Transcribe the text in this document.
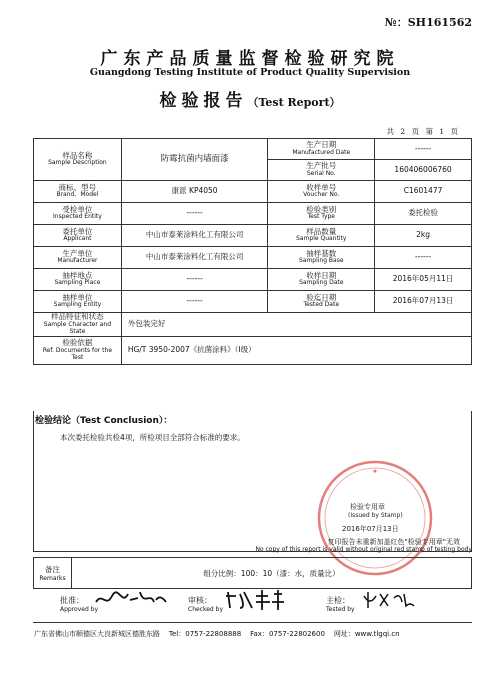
№：SH161562
广东产品质量监督检验研究院
Guangdong Testing Institute of Product Quality Supervision
检验报告（Test Report）
共 2 页 第 1 页
样品名称
Sample Description	防霉抗菌内墙面漆	生产日期
Manufactured Date	------

		生产批号
Serial No.	160406006760

商标、型号
Brand、Model	康派 KP4050	收样单号
Voucher No.	C1601477

受检单位
Inspected Entity	------	检验类别
Test Type	委托检验

委托单位
Applicant	中山市泰莱涂料化工有限公司	样品数量
Sample Quantity	2kg

生产单位
Manufacturer	中山市泰莱涂料化工有限公司	抽样基数
Sampling Base	------

抽样地点
Sampling Place	------	收样日期
Sampling Date	2016年05月11日

抽样单位
Sampling Entity	------	验迄日期
Tested Date	2016年07月13日

样品特征和状态
Sample Character and State	外包装完好		

检验依据
Ref. Documents for the Test	HG/T 3950-2007《抗菌涂料》（Ⅰ级）		
检验结论（Test Conclusion）：
本次委托检验共检4项，所检项目全部符合标准的要求。
✦
检验专用章
(Issued by Stamp)
2016年07月13日
复印报告未重新加盖红色"检验专用章"无效
No copy of this report is valid without original red stamp of testing body
备注
Remarks
	组分比例：100：10（漆：水，质量比）
批准：
Approved by
审核：
Checked by
主检：
Tested by
广东省佛山市顺德区大良新城区德胜东路 Tel：0757-22808888 Fax：0757-22802600 网址：www.tlgqi.cn
